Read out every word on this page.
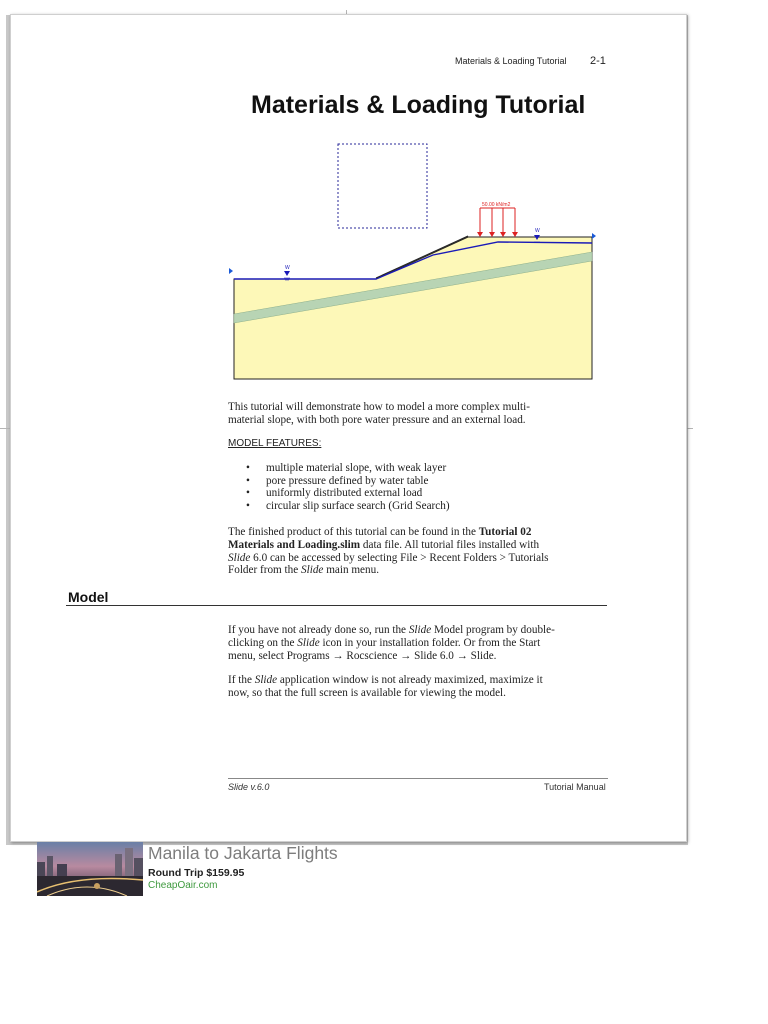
Materials & Loading Tutorial 2-1
Materials & Loading Tutorial
50.00 kN/m2
W
W
This tutorial will demonstrate how to model a more complex multi-
material slope, with both pore water pressure and an external load.
MODEL FEATURES:
• multiple material slope, with weak layer
• pore pressure defined by water table
• uniformly distributed external load
• circular slip surface search (Grid Search)
The finished product of this tutorial can be found in the Tutorial 02
Materials and Loading.slim data file. All tutorial files installed with
Slide 6.0 can be accessed by selecting File > Recent Folders > Tutorials
Folder from the Slide main menu.
Model
If you have not already done so, run the Slide Model program by double-
clicking on the Slide icon in your installation folder. Or from the Start
menu, select Programs → Rocscience → Slide 6.0 → Slide.
If the Slide application window is not already maximized, maximize it
now, so that the full screen is available for viewing the model.
Slide v.6.0	Tutorial Manual
Manila to Jakarta Flights
Round Trip $159.95
CheapOair.com
